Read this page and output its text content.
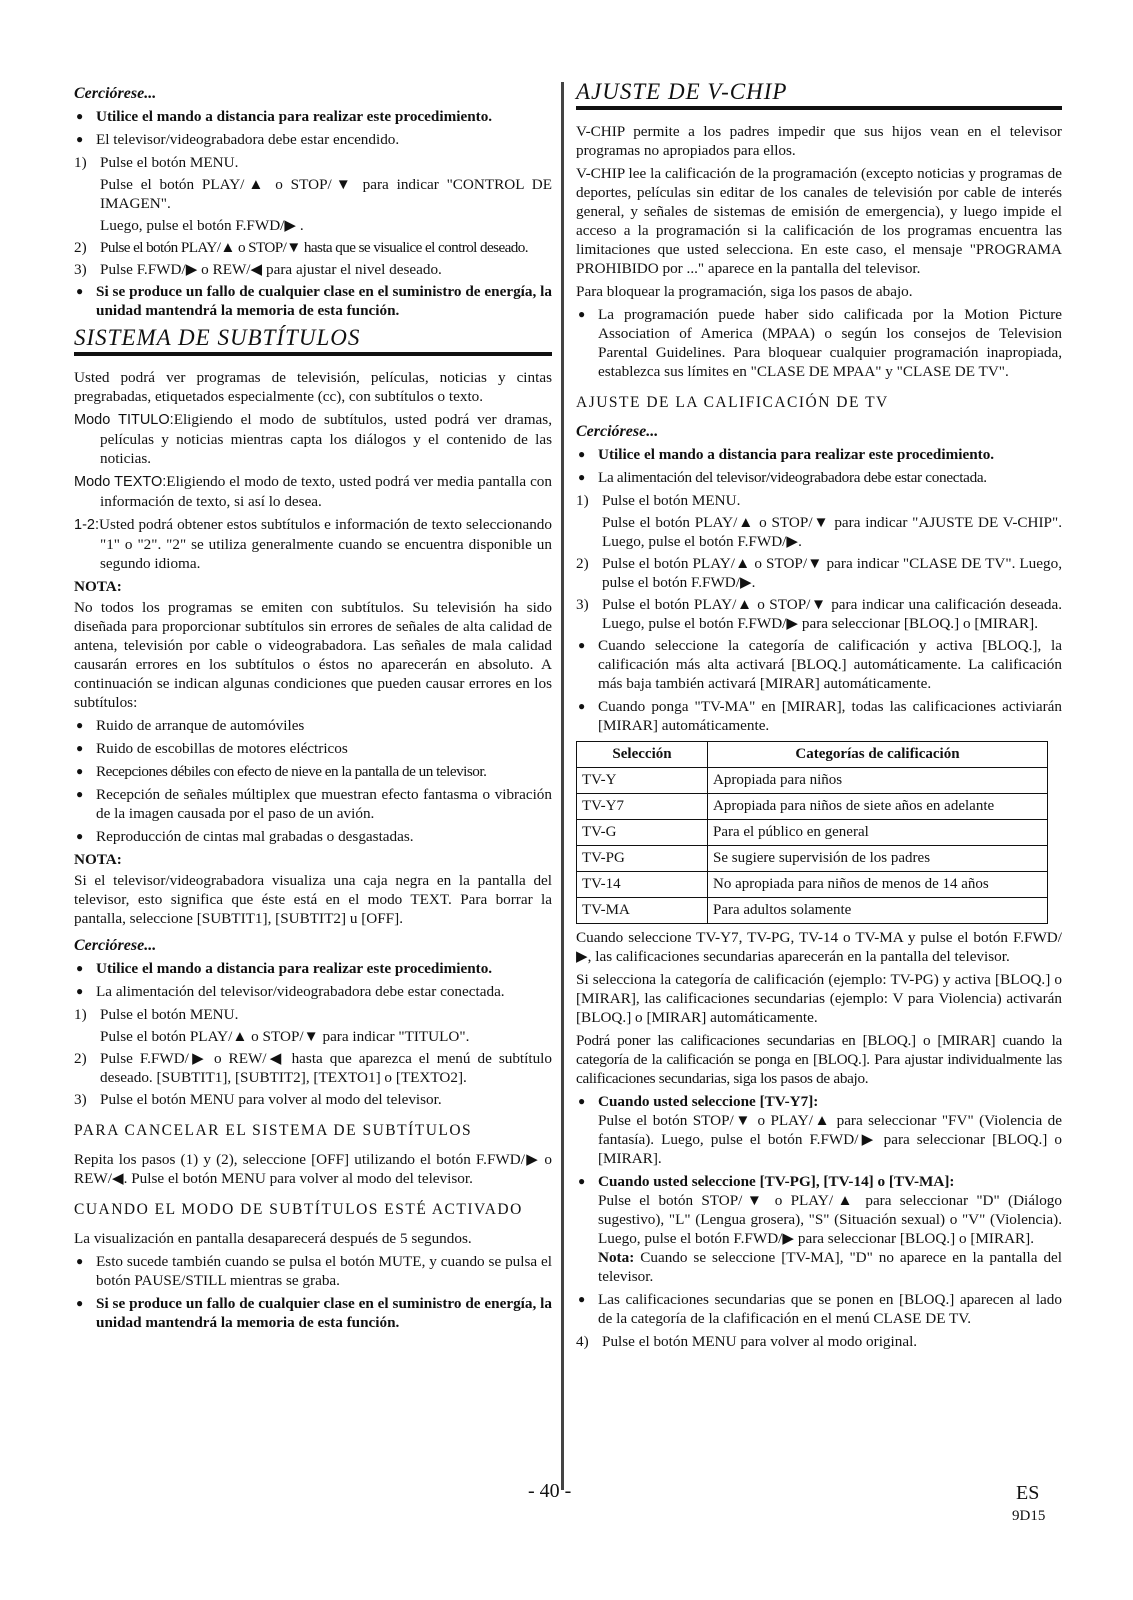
Cerciórese...
● Utilice el mando a distancia para realizar este procedimiento.
● El televisor/videograbadora debe estar encendido.
1) Pulse el botón MENU.
Pulse el botón PLAY/▲ o STOP/▼ para indicar "CONTROL DE IMAGEN".
Luego, pulse el botón F.FWD/▶ .
2) Pulse el botón PLAY/▲ o STOP/▼ hasta que se visualice el control deseado.
3) Pulse F.FWD/▶ o REW/◀ para ajustar el nivel deseado.
● Si se produce un fallo de cualquier clase en el suministro de energía, la unidad mantendrá la memoria de esta función.
SISTEMA DE SUBTÍTULOS

Usted podrá ver programas de televisión, películas, noticias y cintas pregrabadas, etiquetados especialmente (cc), con subtítulos o texto.

Modo TITULO:Eligiendo el modo de subtítulos, usted podrá ver dramas, películas y noticias mientras capta los diálogos y el contenido de las noticias.

Modo TEXTO:Eligiendo el modo de texto, usted podrá ver media pantalla con información de texto, si así lo desea.

1-2:Usted podrá obtener estos subtítulos e información de texto seleccionando "1" o "2". "2" se utiliza generalmente cuando se encuentra disponible un segundo idioma.

NOTA:

No todos los programas se emiten con subtítulos. Su televisión ha sido diseñada para proporcionar subtítulos sin errores de señales de alta calidad de antena, televisión por cable o videograbadora. Las señales de mala calidad causarán errores en los subtítulos o éstos no aparecerán en absoluto. A continuación se indican algunas condiciones que pueden causar errores en los subtítulos:

● Ruido de arranque de automóviles
● Ruido de escobillas de motores eléctricos
● Recepciones débiles con efecto de nieve en la pantalla de un televisor.
● Recepción de señales múltiplex que muestran efecto fantasma o vibración de la imagen causada por el paso de un avión.
● Reproducción de cintas mal grabadas o desgastadas.
NOTA:

Si el televisor/videograbadora visualiza una caja negra en la pantalla del televisor, esto significa que éste está en el modo TEXT. Para borrar la pantalla, seleccione [SUBTIT1], [SUBTIT2] u [OFF].

Cerciórese...
● Utilice el mando a distancia para realizar este procedimiento.
● La alimentación del televisor/videograbadora debe estar conectada.
1) Pulse el botón MENU.
Pulse el botón PLAY/▲ o STOP/▼ para indicar "TITULO".
2) Pulse F.FWD/▶ o REW/◀ hasta que aparezca el menú de subtítulo deseado. [SUBTIT1], [SUBTIT2], [TEXTO1] o [TEXTO2].
3) Pulse el botón MENU para volver al modo del televisor.
PARA CANCELAR EL SISTEMA DE SUBTÍTULOS

Repita los pasos (1) y (2), seleccione [OFF] utilizando el botón F.FWD/▶ o REW/◀. Pulse el botón MENU para volver al modo del televisor.

CUANDO EL MODO DE SUBTÍTULOS ESTÉ ACTIVADO

La visualización en pantalla desaparecerá después de 5 segundos.

● Esto sucede también cuando se pulsa el botón MUTE, y cuando se pulsa el botón PAUSE/STILL mientras se graba.
● Si se produce un fallo de cualquier clase en el suministro de energía, la unidad mantendrá la memoria de esta función.
AJUSTE DE V-CHIP

V-CHIP permite a los padres impedir que sus hijos vean en el televisor programas no apropiados para ellos.

V-CHIP lee la calificación de la programación (excepto noticias y programas de deportes, películas sin editar de los canales de televisión por cable de interés general, y señales de sistemas de emisión de emergencia), y luego impide el acceso a la programación si la calificación de los programas encuentra las limitaciones que usted selecciona. En este caso, el mensaje "PROGRAMA PROHIBIDO por ..." aparece en la pantalla del televisor.

Para bloquear la programación, siga los pasos de abajo.

● La programación puede haber sido calificada por la Motion Picture Association of America (MPAA) o según los consejos de Television Parental Guidelines. Para bloquear cualquier programación inapropiada, establezca sus límites en "CLASE DE MPAA" y "CLASE DE TV".
AJUSTE DE LA CALIFICACIÓN DE TV
Cerciórese...
● Utilice el mando a distancia para realizar este procedimiento.
● La alimentación del televisor/videograbadora debe estar conectada.
1) Pulse el botón MENU.
Pulse el botón PLAY/▲ o STOP/▼ para indicar "AJUSTE DE V-CHIP". Luego, pulse el botón F.FWD/▶.
2) Pulse el botón PLAY/▲ o STOP/▼ para indicar "CLASE DE TV". Luego, pulse el botón F.FWD/▶.
3) Pulse el botón PLAY/▲ o STOP/▼ para indicar una calificación deseada. Luego, pulse el botón F.FWD/▶ para seleccionar [BLOQ.] o [MIRAR].
● Cuando seleccione la categoría de calificación y activa [BLOQ.], la calificación más alta activará [BLOQ.] automáticamente. La calificación más baja también activará [MIRAR] automáticamente.
● Cuando ponga "TV-MA" en [MIRAR], todas las calificaciones activiarán [MIRAR] automáticamente.
Selección	Categorías de calificación
TV-Y	Apropiada para niños
TV-Y7	Apropiada para niños de siete años en adelante
TV-G	Para el público en general
TV-PG	Se sugiere supervisión de los padres
TV-14	No apropiada para niños de menos de 14 años
TV-MA	Para adultos solamente

Cuando seleccione TV-Y7, TV-PG, TV-14 o TV-MA y pulse el botón F.FWD/▶, las calificaciones secundarias aparecerán en la pantalla del televisor.

Si selecciona la categoría de calificación (ejemplo: TV-PG) y activa [BLOQ.] o [MIRAR], las calificaciones secundarias (ejemplo: V para Violencia) activarán [BLOQ.] o [MIRAR] automáticamente.

Podrá poner las calificaciones secundarias en [BLOQ.] o [MIRAR] cuando la categoría de la calificación se ponga en [BLOQ.]. Para ajustar individualmente las calificaciones secundarias, siga los pasos de abajo.

● Cuando usted seleccione [TV-Y7]:

Pulse el botón STOP/▼ o PLAY/▲ para seleccionar "FV" (Violencia de fantasía). Luego, pulse el botón F.FWD/▶ para seleccionar [BLOQ.] o [MIRAR].

● Cuando usted seleccione [TV-PG], [TV-14] o [TV-MA]:

Pulse el botón STOP/▼ o PLAY/▲ para seleccionar "D" (Diálogo sugestivo), "L" (Lengua grosera), "S" (Situación sexual) o "V" (Violencia). Luego, pulse el botón F.FWD/▶ para seleccionar [BLOQ.] o [MIRAR].

Nota: Cuando se seleccione [TV-MA], "D" no aparece en la pantalla del televisor.

● Las calificaciones secundarias que se ponen en [BLOQ.] aparecen al lado de la categoría de la clafificación en el menú CLASE DE TV.
4) Pulse el botón MENU para volver al modo original.
- 40 -	ES
9D15
